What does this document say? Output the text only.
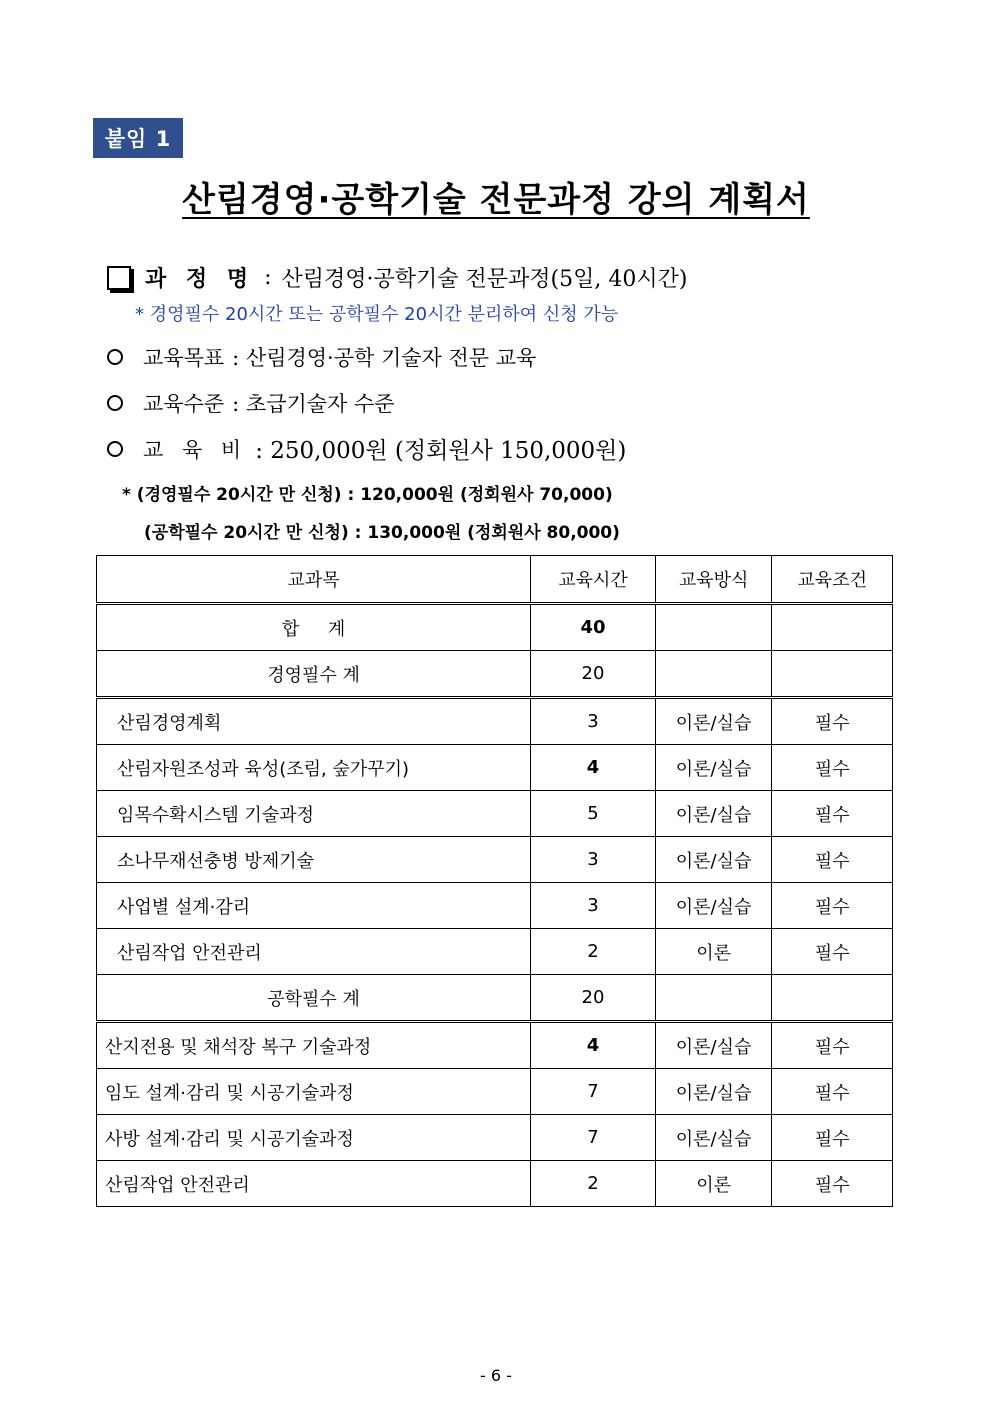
붙임 1
산림경영·공학기술 전문과정 강의 계획서
과 정 명 : 산림경영·공학기술 전문과정(5일, 40시간)
* 경영필수 20시간 또는 공학필수 20시간 분리하여 신청 가능
교육목표 : 산림경영·공학 기술자 전문 교육
교육수준 : 초급기술자 수준
교 육 비 : 250,000원 (정회원사 150,000원)
* (경영필수 20시간 만 신청) : 120,000원 (정회원사 70,000)
(공학필수 20시간 만 신청) : 130,000원 (정회원사 80,000)
교과목	교육시간	교육방식	교육조건
합     계	40		
경영필수 계	20		
산림경영계획	3	이론/실습	필수
산림자원조성과 육성(조림, 숲가꾸기)	4	이론/실습	필수
임목수확시스템 기술과정	5	이론/실습	필수
소나무재선충병 방제기술	3	이론/실습	필수
사업별 설계·감리	3	이론/실습	필수
산림작업 안전관리	2	이론	필수
공학필수 계	20		
산지전용 및 채석장 복구 기술과정	4	이론/실습	필수
임도 설계·감리 및 시공기술과정	7	이론/실습	필수
사방 설계·감리 및 시공기술과정	7	이론/실습	필수
산림작업 안전관리	2	이론	필수
- 6 -
